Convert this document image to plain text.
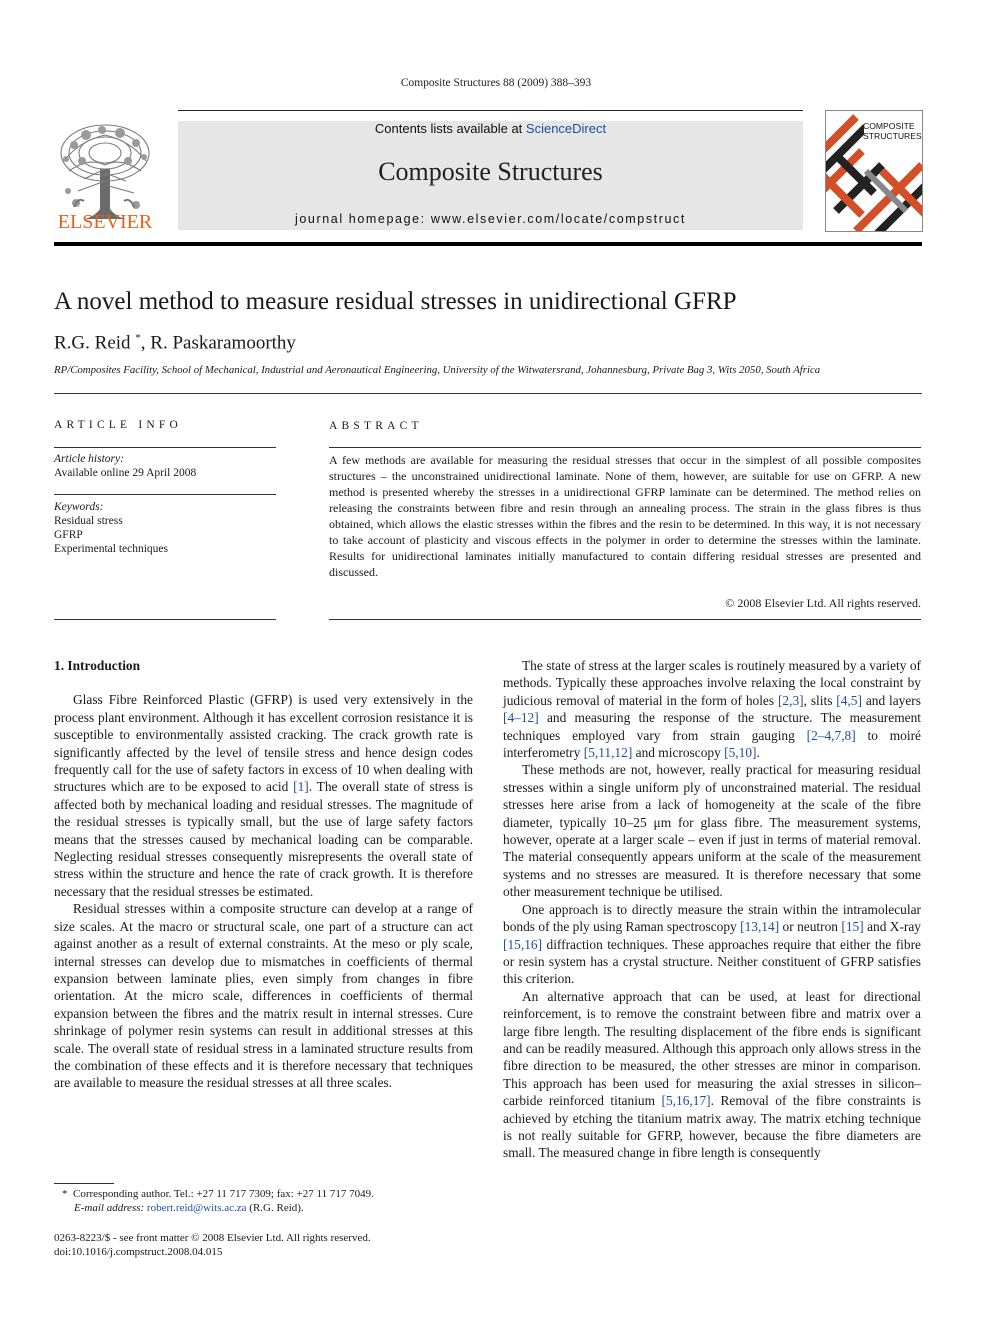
Composite Structures 88 (2009) 388–393
ELSEVIER
Contents lists available at ScienceDirect
Composite Structures
journal homepage: www.elsevier.com/locate/compstruct
COMPOSITE
STRUCTURES
A novel method to measure residual stresses in unidirectional GFRP
R.G. Reid *, R. Paskaramoorthy
RP/Composites Facility, School of Mechanical, Industrial and Aeronautical Engineering, University of the Witwatersrand, Johannesburg, Private Bag 3, Wits 2050, South Africa
ARTICLE INFO
Article history:
Available online 29 April 2008
Keywords:
Residual stress
GFRP
Experimental techniques
ABSTRACT
A few methods are available for measuring the residual stresses that occur in the simplest of all possible composites structures – the unconstrained unidirectional laminate. None of them, however, are suitable for use on GFRP. A new method is presented whereby the stresses in a unidirectional GFRP laminate can be determined. The method relies on releasing the constraints between fibre and resin through an annealing process. The strain in the glass fibres is thus obtained, which allows the elastic stresses within the fibres and the resin to be determined. In this way, it is not necessary to take account of plasticity and viscous effects in the polymer in order to determine the stresses within the laminate. Results for unidirectional laminates initially manufactured to contain differing residual stresses are presented and discussed.
© 2008 Elsevier Ltd. All rights reserved.
1. Introduction

Glass Fibre Reinforced Plastic (GFRP) is used very extensively in the process plant environment. Although it has excellent corrosion resistance it is susceptible to environmentally assisted cracking. The crack growth rate is significantly affected by the level of tensile stress and hence design codes frequently call for the use of safety factors in excess of 10 when dealing with structures which are to be exposed to acid [1]. The overall state of stress is affected both by mechanical loading and residual stresses. The magnitude of the residual stresses is typically small, but the use of large safety factors means that the stresses caused by mechanical loading can be comparable. Neglecting residual stresses consequently misrepresents the overall state of stress within the structure and hence the rate of crack growth. It is therefore necessary that the residual stresses be estimated.

Residual stresses within a composite structure can develop at a range of size scales. At the macro or structural scale, one part of a structure can act against another as a result of external constraints. At the meso or ply scale, internal stresses can develop due to mismatches in coefficients of thermal expansion between laminate plies, even simply from changes in fibre orientation. At the micro scale, differences in coefficients of thermal expansion between the fibres and the matrix result in internal stresses. Cure shrinkage of polymer resin systems can result in additional stresses at this scale. The overall state of residual stress in a laminated structure results from the combination of these effects and it is therefore necessary that techniques are available to measure the residual stresses at all three scales.

The state of stress at the larger scales is routinely measured by a variety of methods. Typically these approaches involve relaxing the local constraint by judicious removal of material in the form of holes [2,3], slits [4,5] and layers [4–12] and measuring the response of the structure. The measurement techniques employed vary from strain gauging [2–4,7,8] to moiré interferometry [5,11,12] and microscopy [5,10].

These methods are not, however, really practical for measuring residual stresses within a single uniform ply of unconstrained material. The residual stresses here arise from a lack of homogeneity at the scale of the fibre diameter, typically 10–25 μm for glass fibre. The measurement systems, however, operate at a larger scale – even if just in terms of material removal. The material consequently appears uniform at the scale of the measurement systems and no stresses are measured. It is therefore necessary that some other measurement technique be utilised.

One approach is to directly measure the strain within the intramolecular bonds of the ply using Raman spectroscopy [13,14] or neutron [15] and X-ray [15,16] diffraction techniques. These approaches require that either the fibre or resin system has a crystal structure. Neither constituent of GFRP satisfies this criterion.

An alternative approach that can be used, at least for directional reinforcement, is to remove the constraint between fibre and matrix over a large fibre length. The resulting displacement of the fibre ends is significant and can be readily measured. Although this approach only allows stress in the fibre direction to be measured, the other stresses are minor in comparison. This approach has been used for measuring the axial stresses in silicon–carbide reinforced titanium [5,16,17]. Removal of the fibre constraints is achieved by etching the titanium matrix away. The matrix etching technique is not really suitable for GFRP, however, because the fibre diameters are small. The measured change in fibre length is consequently

* Corresponding author. Tel.: +27 11 717 7309; fax: +27 11 717 7049.
E-mail address: robert.reid@wits.ac.za (R.G. Reid).
0263-8223/$ - see front matter © 2008 Elsevier Ltd. All rights reserved.
doi:10.1016/j.compstruct.2008.04.015
